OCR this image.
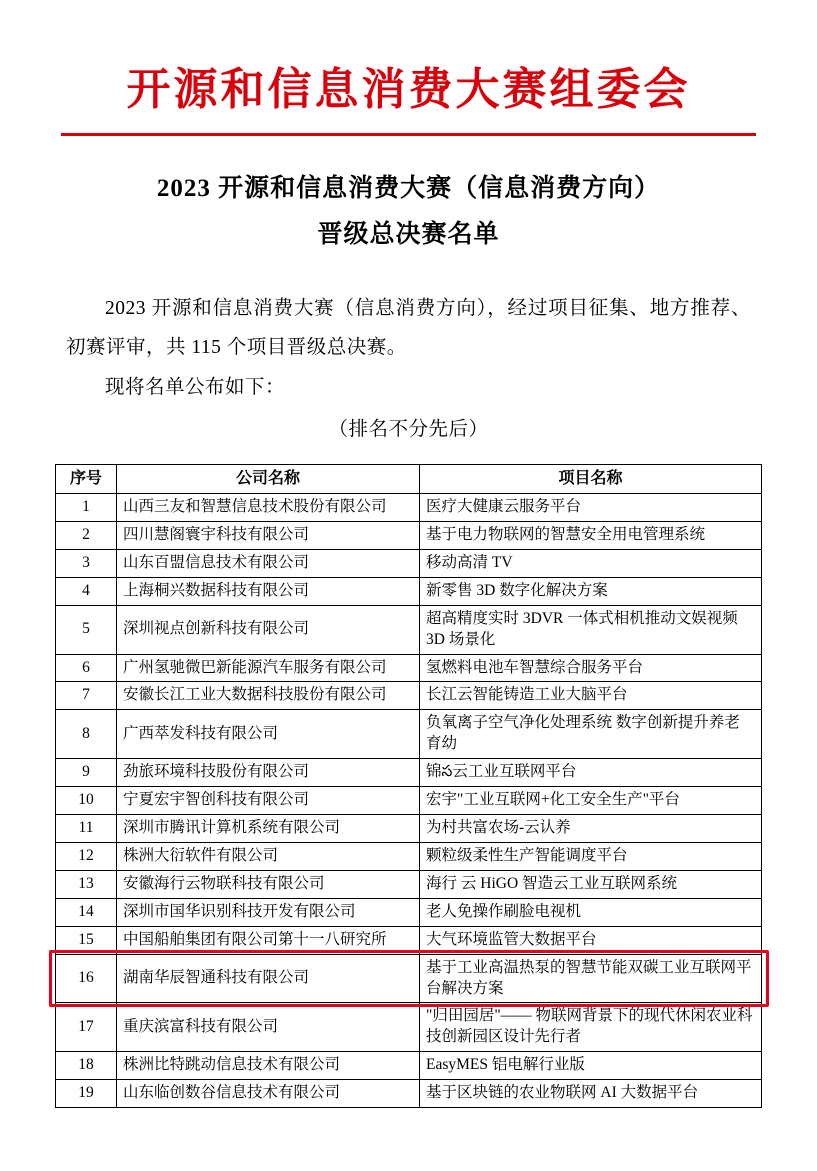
开源和信息消费大赛组委会
2023 开源和信息消费大赛（信息消费方向）
晋级总决赛名单

2023 开源和信息消费大赛（信息消费方向），经过项目征集、地方推荐、初赛评审，共 115 个项目晋级总决赛。

现将名单公布如下：

（排名不分先后）
序号	公司名称	项目名称
1	山西三友和智慧信息技术股份有限公司	医疗大健康云服务平台
2	四川慧阁寰宇科技有限公司	基于电力物联网的智慧安全用电管理系统
3	山东百盟信息技术有限公司	移动高清 TV
4	上海桐兴数据科技有限公司	新零售 3D 数字化解决方案
5	深圳视点创新科技有限公司	超高精度实时 3DVR 一体式相机推动文娱视频 3D 场景化
6	广州氢驰微巴新能源汽车服务有限公司	氢燃料电池车智慧综合服务平台
7	安徽长江工业大数据科技股份有限公司	长江云智能铸造工业大脑平台
8	广西萃发科技有限公司	负氧离子空气净化处理系统 数字创新提升养老育幼
9	劲旅环境科技股份有限公司	锦స云工业互联网平台
10	宁夏宏宇智创科技有限公司	宏宇"工业互联网+化工安全生产"平台
11	深圳市腾讯计算机系统有限公司	为村共富农场-云认养
12	株洲大衍软件有限公司	颗粒级柔性生产智能调度平台
13	安徽海行云物联科技有限公司	海行 云 HiGO 智造云工业互联网系统
14	深圳市国华识别科技开发有限公司	老人免操作刷脸电视机
15	中国船舶集团有限公司第十一八研究所	大气环境监管大数据平台
16	湖南华辰智通科技有限公司	基于工业高温热泵的智慧节能双碳工业互联网平台解决方案
17	重庆滨富科技有限公司	"归田园居"—— 物联网背景下的现代休闲农业科技创新园区设计先行者
18	株洲比特跳动信息技术有限公司	EasyMES 铝电解行业版
19	山东临创数谷信息技术有限公司	基于区块链的农业物联网 AI 大数据平台
